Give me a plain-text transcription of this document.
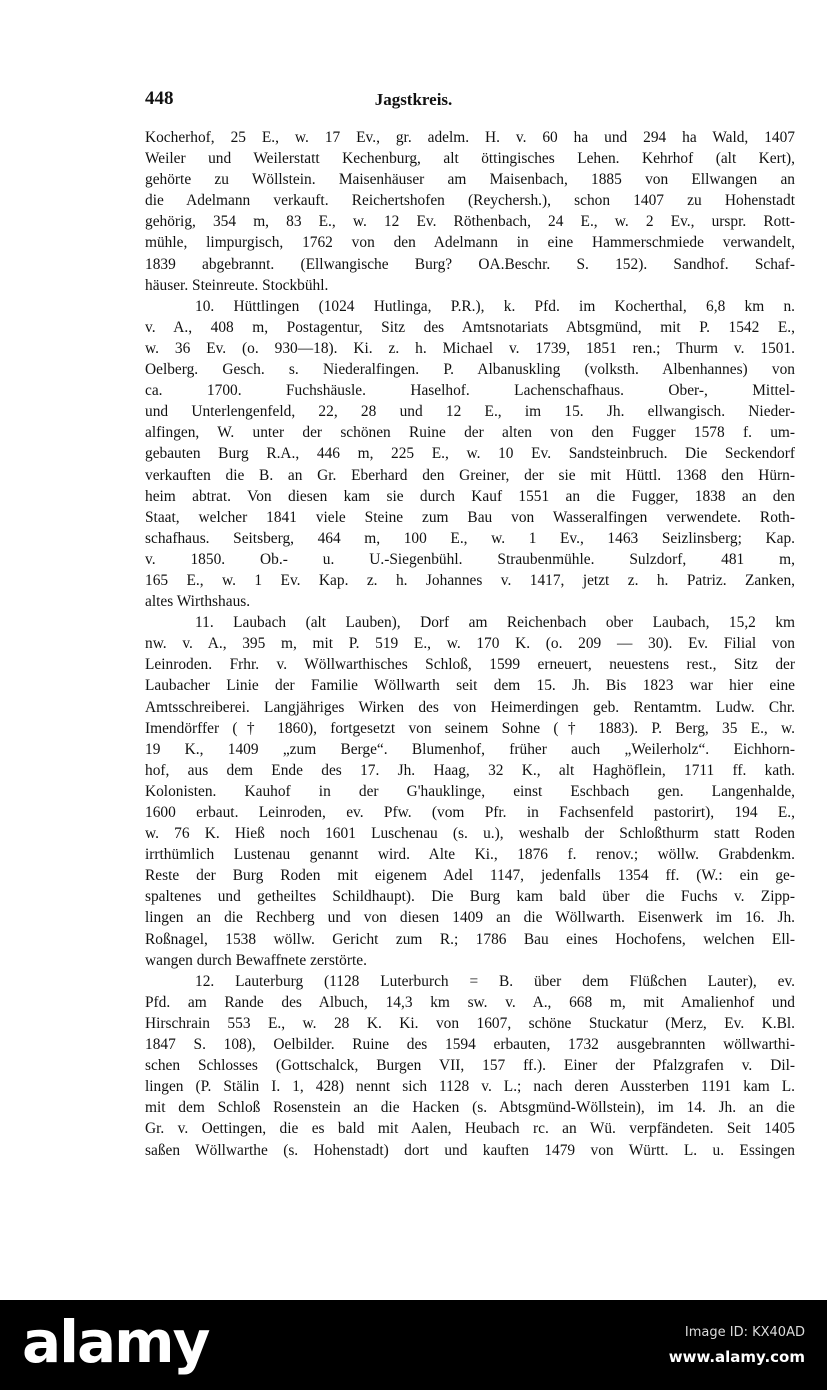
448	Jagstkreis.
Kocherhof, 25 E., w. 17 Ev., gr. adelm. H. v. 60 ha und 294 ha Wald, 1407
Weiler und Weilerstatt Kechenburg, alt öttingisches Lehen. Kehrhof (alt Kert),
gehörte zu Wöllstein. Maisenhäuser am Maisenbach, 1885 von Ellwangen an
die Adelmann verkauft. Reichertshofen (Reychersh.), schon 1407 zu Hohenstadt
gehörig, 354 m, 83 E., w. 12 Ev. Röthenbach, 24 E., w. 2 Ev., urspr. Rott-
mühle, limpurgisch, 1762 von den Adelmann in eine Hammerschmiede verwandelt,
1839 abgebrannt. (Ellwangische Burg? OA.Beschr. S. 152). Sandhof. Schaf-
häuser. Steinreute. Stockbühl.
10. Hüttlingen (1024 Hutlinga, P.R.), k. Pfd. im Kocherthal, 6,8 km n.
v. A., 408 m, Postagentur, Sitz des Amtsnotariats Abtsgmünd, mit P. 1542 E.,
w. 36 Ev. (o. 930—18). Ki. z. h. Michael v. 1739, 1851 ren.; Thurm v. 1501.
Oelberg. Gesch. s. Niederalfingen. P. Albanuskling (volksth. Albenhannes) von
ca. 1700. Fuchshäusle. Haselhof. Lachenschafhaus. Ober-, Mittel-
und Unterlengenfeld, 22, 28 und 12 E., im 15. Jh. ellwangisch. Nieder-
alfingen, W. unter der schönen Ruine der alten von den Fugger 1578 f. um-
gebauten Burg R.A., 446 m, 225 E., w. 10 Ev. Sandsteinbruch. Die Seckendorf
verkauften die B. an Gr. Eberhard den Greiner, der sie mit Hüttl. 1368 den Hürn-
heim abtrat. Von diesen kam sie durch Kauf 1551 an die Fugger, 1838 an den
Staat, welcher 1841 viele Steine zum Bau von Wasseralfingen verwendete. Roth-
schafhaus. Seitsberg, 464 m, 100 E., w. 1 Ev., 1463 Seizlinsberg; Kap.
v. 1850. Ob.- u. U.-Siegenbühl. Straubenmühle. Sulzdorf, 481 m,
165 E., w. 1 Ev. Kap. z. h. Johannes v. 1417, jetzt z. h. Patriz. Zanken,
altes Wirthshaus.
11. Laubach (alt Lauben), Dorf am Reichenbach ober Laubach, 15,2 km
nw. v. A., 395 m, mit P. 519 E., w. 170 K. (o. 209 — 30). Ev. Filial von
Leinroden. Frhr. v. Wöllwarthisches Schloß, 1599 erneuert, neuestens rest., Sitz der
Laubacher Linie der Familie Wöllwarth seit dem 15. Jh. Bis 1823 war hier eine
Amtsschreiberei. Langjähriges Wirken des von Heimerdingen geb. Rentamtm. Ludw. Chr.
Imendörffer († 1860), fortgesetzt von seinem Sohne († 1883). P. Berg, 35 E., w.
19 K., 1409 „zum Berge“. Blumenhof, früher auch „Weilerholz“. Eichhorn-
hof, aus dem Ende des 17. Jh. Haag, 32 K., alt Haghöflein, 1711 ff. kath.
Kolonisten. Kauhof in der G'hauklinge, einst Eschbach gen. Langenhalde,
1600 erbaut. Leinroden, ev. Pfw. (vom Pfr. in Fachsenfeld pastorirt), 194 E.,
w. 76 K. Hieß noch 1601 Luschenau (s. u.), weshalb der Schloßthurm statt Roden
irrthümlich Lustenau genannt wird. Alte Ki., 1876 f. renov.; wöllw. Grabdenkm.
Reste der Burg Roden mit eigenem Adel 1147, jedenfalls 1354 ff. (W.: ein ge-
spaltenes und getheiltes Schildhaupt). Die Burg kam bald über die Fuchs v. Zipp-
lingen an die Rechberg und von diesen 1409 an die Wöllwarth. Eisenwerk im 16. Jh.
Roßnagel, 1538 wöllw. Gericht zum R.; 1786 Bau eines Hochofens, welchen Ell-
wangen durch Bewaffnete zerstörte.
12. Lauterburg (1128 Luterburch = B. über dem Flüßchen Lauter), ev.
Pfd. am Rande des Albuch, 14,3 km sw. v. A., 668 m, mit Amalienhof und
Hirschrain 553 E., w. 28 K. Ki. von 1607, schöne Stuckatur (Merz, Ev. K.Bl.
1847 S. 108), Oelbilder. Ruine des 1594 erbauten, 1732 ausgebrannten wöllwarthi-
schen Schlosses (Gottschalck, Burgen VII, 157 ff.). Einer der Pfalzgrafen v. Dil-
lingen (P. Stälin I. 1, 428) nennt sich 1128 v. L.; nach deren Aussterben 1191 kam L.
mit dem Schloß Rosenstein an die Hacken (s. Abtsgmünd-Wöllstein), im 14. Jh. an die
Gr. v. Oettingen, die es bald mit Aalen, Heubach rc. an Wü. verpfändeten. Seit 1405
saßen Wöllwarthe (s. Hohenstadt) dort und kauften 1479 von Württ. L. u. Essingen
alamy	Image ID: KX40AD
www.alamy.com
